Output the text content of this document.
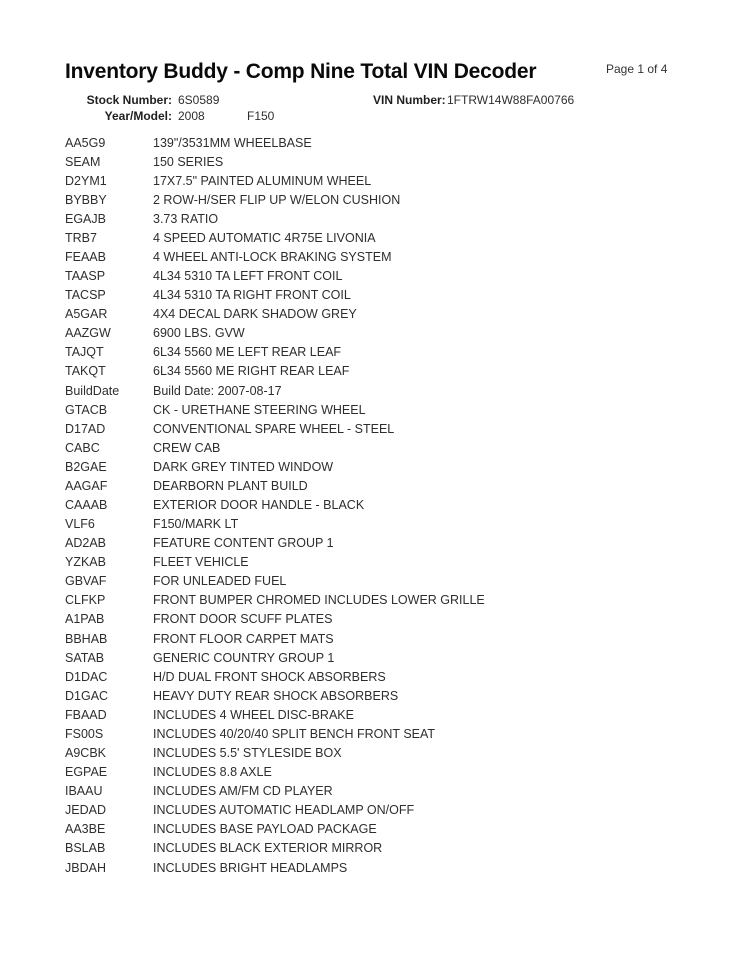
Inventory Buddy - Comp Nine Total VIN Decoder	Page 1 of 4
Stock Number: 6S0589	VIN Number: 1FTRW14W88FA00766
Year/Model: 2008	F150
AA5G9	139"/3531MM WHEELBASE
SEAM	150 SERIES
D2YM1	17X7.5" PAINTED ALUMINUM WHEEL
BYBBY	2 ROW-H/SER FLIP UP W/ELON CUSHION
EGAJB	3.73 RATIO
TRB7	4 SPEED AUTOMATIC 4R75E LIVONIA
FEAAB	4 WHEEL ANTI-LOCK BRAKING SYSTEM
TAASP	4L34 5310 TA LEFT FRONT COIL
TACSP	4L34 5310 TA RIGHT FRONT COIL
A5GAR	4X4 DECAL DARK SHADOW GREY
AAZGW	6900 LBS. GVW
TAJQT	6L34 5560 ME LEFT REAR LEAF
TAKQT	6L34 5560 ME RIGHT REAR LEAF
BuildDate	Build Date: 2007-08-17
GTACB	CK - URETHANE STEERING WHEEL
D17AD	CONVENTIONAL SPARE WHEEL - STEEL
CABC	CREW CAB
B2GAE	DARK GREY TINTED WINDOW
AAGAF	DEARBORN PLANT BUILD
CAAAB	EXTERIOR DOOR HANDLE - BLACK
VLF6	F150/MARK LT
AD2AB	FEATURE CONTENT GROUP 1
YZKAB	FLEET VEHICLE
GBVAF	FOR UNLEADED FUEL
CLFKP	FRONT BUMPER CHROMED INCLUDES LOWER GRILLE
A1PAB	FRONT DOOR SCUFF PLATES
BBHAB	FRONT FLOOR CARPET MATS
SATAB	GENERIC COUNTRY GROUP 1
D1DAC	H/D DUAL FRONT SHOCK ABSORBERS
D1GAC	HEAVY DUTY REAR SHOCK ABSORBERS
FBAAD	INCLUDES 4 WHEEL DISC-BRAKE
FS00S	INCLUDES 40/20/40 SPLIT BENCH FRONT SEAT
A9CBK	INCLUDES 5.5' STYLESIDE BOX
EGPAE	INCLUDES 8.8 AXLE
IBAAU	INCLUDES AM/FM CD PLAYER
JEDAD	INCLUDES AUTOMATIC HEADLAMP ON/OFF
AA3BE	INCLUDES BASE PAYLOAD PACKAGE
BSLAB	INCLUDES BLACK EXTERIOR MIRROR
JBDAH	INCLUDES BRIGHT HEADLAMPS
